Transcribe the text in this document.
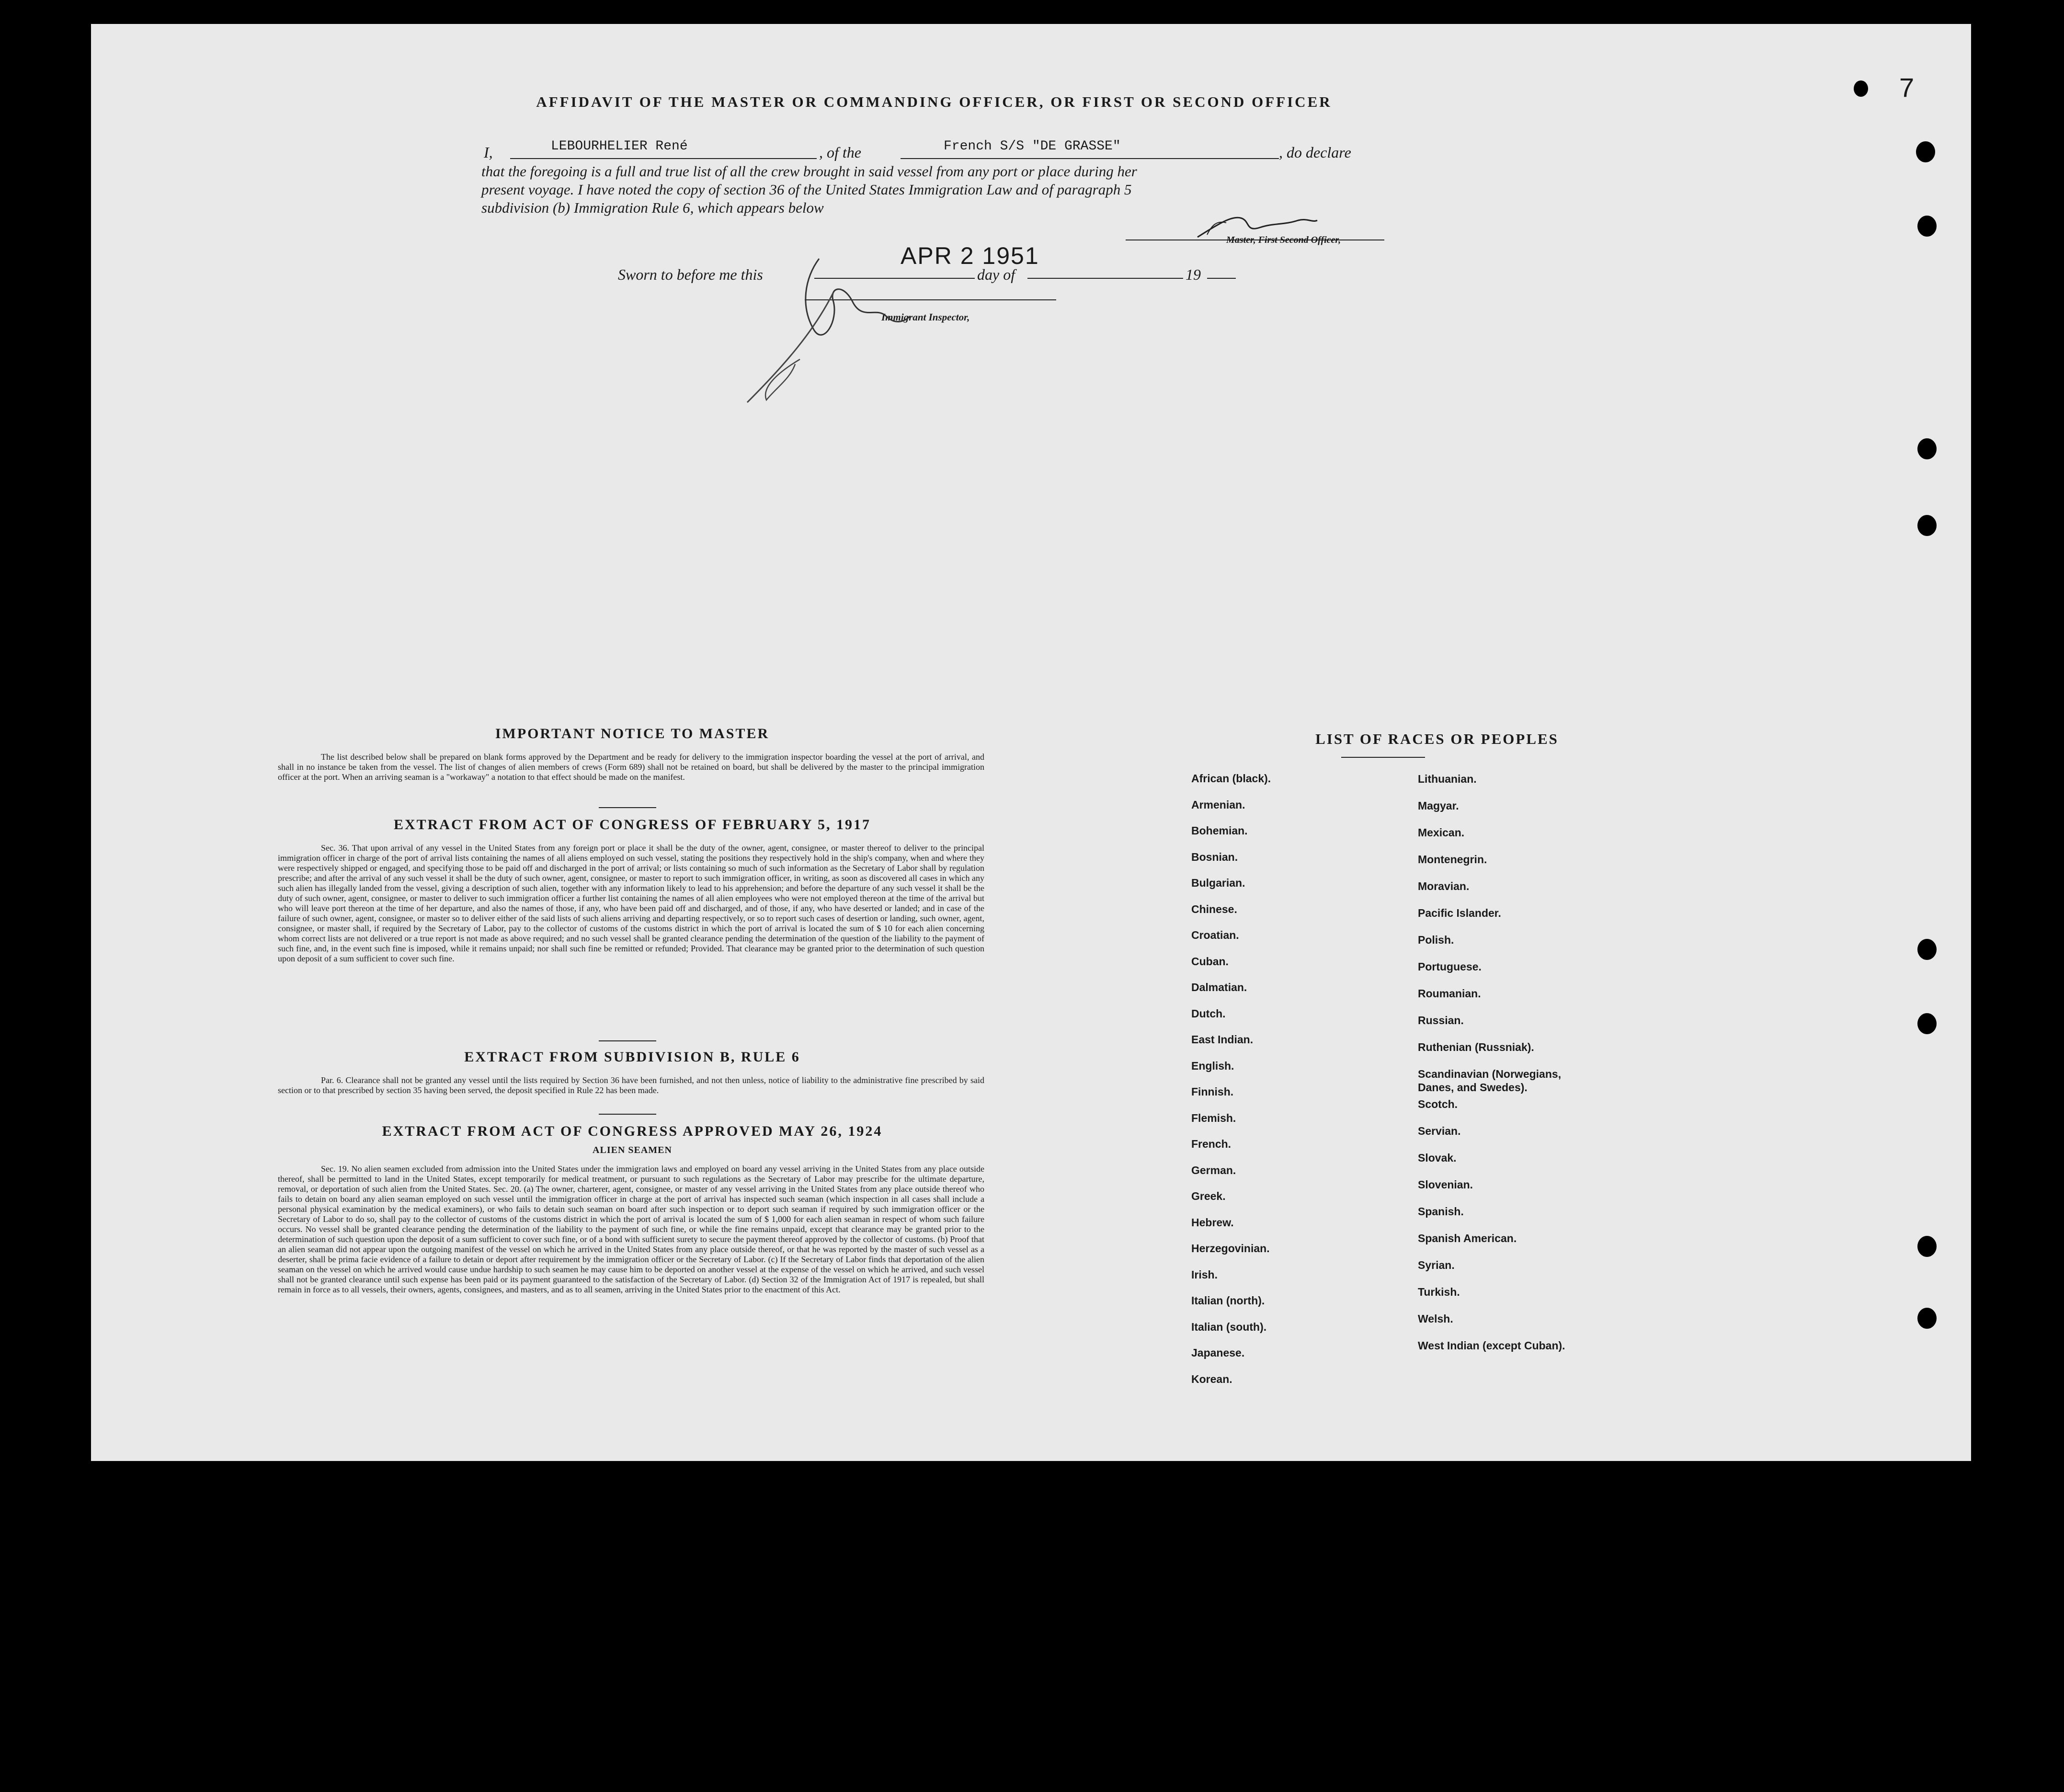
7
AFFIDAVIT OF THE MASTER OR COMMANDING OFFICER, OR FIRST OR SECOND OFFICER
I,	LEBOURHELIER René	, of the	French S/S "DE GRASSE"	, do declare
that the foregoing is a full and true list of all the crew brought in said vessel from any port or place during her
present voyage. I have noted the copy of section 36 of the United States Immigration Law and of paragraph 5
subdivision (b) Immigration Rule 6, which appears below
Master, First Second Officer,
Sworn to before me this	day of	19
APR 2 1951
Immigrant Inspector,
IMPORTANT NOTICE TO MASTER
The list described below shall be prepared on blank forms approved by the Department and be ready for delivery to the immigration inspector boarding the vessel at the port of arrival, and shall in no instance be taken from the vessel. The list of changes of alien members of crews (Form 689) shall not be retained on board, but shall be delivered by the master to the principal immigration officer at the port. When an arriving seaman is a "workaway" a notation to that effect should be made on the manifest.
EXTRACT FROM ACT OF CONGRESS OF FEBRUARY 5, 1917
Sec. 36. That upon arrival of any vessel in the United States from any foreign port or place it shall be the duty of the owner, agent, consignee, or master thereof to deliver to the principal immigration officer in charge of the port of arrival lists containing the names of all aliens employed on such vessel, stating the positions they respectively hold in the ship's company, when and where they were respectively shipped or engaged, and specifying those to be paid off and discharged in the port of arrival; or lists containing so much of such information as the Secretary of Labor shall by regulation prescribe; and after the arrival of any such vessel it shall be the duty of such owner, agent, consignee, or master to report to such immigration officer, in writing, as soon as discovered all cases in which any such alien has illegally landed from the vessel, giving a description of such alien, together with any information likely to lead to his apprehension; and before the departure of any such vessel it shall be the duty of such owner, agent, consignee, or master to deliver to such immigration officer a further list containing the names of all alien employees who were not employed thereon at the time of the arrival but who will leave port thereon at the time of her departure, and also the names of those, if any, who have been paid off and discharged, and of those, if any, who have deserted or landed; and in case of the failure of such owner, agent, consignee, or master so to deliver either of the said lists of such aliens arriving and departing respectively, or so to report such cases of desertion or landing, such owner, agent, consignee, or master shall, if required by the Secretary of Labor, pay to the collector of customs of the customs district in which the port of arrival is located the sum of $ 10 for each alien concerning whom correct lists are not delivered or a true report is not made as above required; and no such vessel shall be granted clearance pending the determination of the question of the liability to the payment of such fine, and, in the event such fine is imposed, while it remains unpaid; nor shall such fine be remitted or refunded; Provided. That clearance may be granted prior to the determination of such question upon deposit of a sum sufficient to cover such fine.
EXTRACT FROM SUBDIVISION B, RULE 6
Par. 6. Clearance shall not be granted any vessel until the lists required by Section 36 have been furnished, and not then unless, notice of liability to the administrative fine prescribed by said section or to that prescribed by section 35 having been served, the deposit specified in Rule 22 has been made.
EXTRACT FROM ACT OF CONGRESS APPROVED MAY 26, 1924
ALIEN SEAMEN
Sec. 19. No alien seamen excluded from admission into the United States under the immigration laws and employed on board any vessel arriving in the United States from any place outside thereof, shall be permitted to land in the United States, except temporarily for medical treatment, or pursuant to such regulations as the Secretary of Labor may prescribe for the ultimate departure, removal, or deportation of such alien from the United States. Sec. 20. (a) The owner, charterer, agent, consignee, or master of any vessel arriving in the United States from any place outside thereof who fails to detain on board any alien seaman employed on such vessel until the immigration officer in charge at the port of arrival has inspected such seaman (which inspection in all cases shall include a personal physical examination by the medical examiners), or who fails to detain such seaman on board after such inspection or to deport such seaman if required by such immigration officer or the Secretary of Labor to do so, shall pay to the collector of customs of the customs district in which the port of arrival is located the sum of $ 1,000 for each alien seaman in respect of whom such failure occurs. No vessel shall be granted clearance pending the determination of the liability to the payment of such fine, or while the fine remains unpaid, except that clearance may be granted prior to the determination of such question upon the deposit of a sum sufficient to cover such fine, or of a bond with sufficient surety to secure the payment thereof approved by the collector of customs. (b) Proof that an alien seaman did not appear upon the outgoing manifest of the vessel on which he arrived in the United States from any place outside thereof, or that he was reported by the master of such vessel as a deserter, shall be prima facie evidence of a failure to detain or deport after requirement by the immigration officer or the Secretary of Labor. (c) If the Secretary of Labor finds that deportation of the alien seaman on the vessel on which he arrived would cause undue hardship to such seamen he may cause him to be deported on another vessel at the expense of the vessel on which he arrived, and such vessel shall not be granted clearance until such expense has been paid or its payment guaranteed to the satisfaction of the Secretary of Labor. (d) Section 32 of the Immigration Act of 1917 is repealed, but shall remain in force as to all vessels, their owners, agents, consignees, and masters, and as to all seamen, arriving in the United States prior to the enactment of this Act.
LIST OF RACES OR PEOPLES
African (black).
Armenian.
Bohemian.
Bosnian.
Bulgarian.
Chinese.
Croatian.
Cuban.
Dalmatian.
Dutch.
East Indian.
English.
Finnish.
Flemish.
French.
German.
Greek.
Hebrew.
Herzegovinian.
Irish.
Italian (north).
Italian (south).
Japanese.
Korean.
Lithuanian.
Magyar.
Mexican.
Montenegrin.
Moravian.
Pacific Islander.
Polish.
Portuguese.
Roumanian.
Russian.
Ruthenian (Russniak).
Scandinavian (Norwegians, Danes, and Swedes).
Scotch.
Servian.
Slovak.
Slovenian.
Spanish.
Spanish American.
Syrian.
Turkish.
Welsh.
West Indian (except Cuban).
